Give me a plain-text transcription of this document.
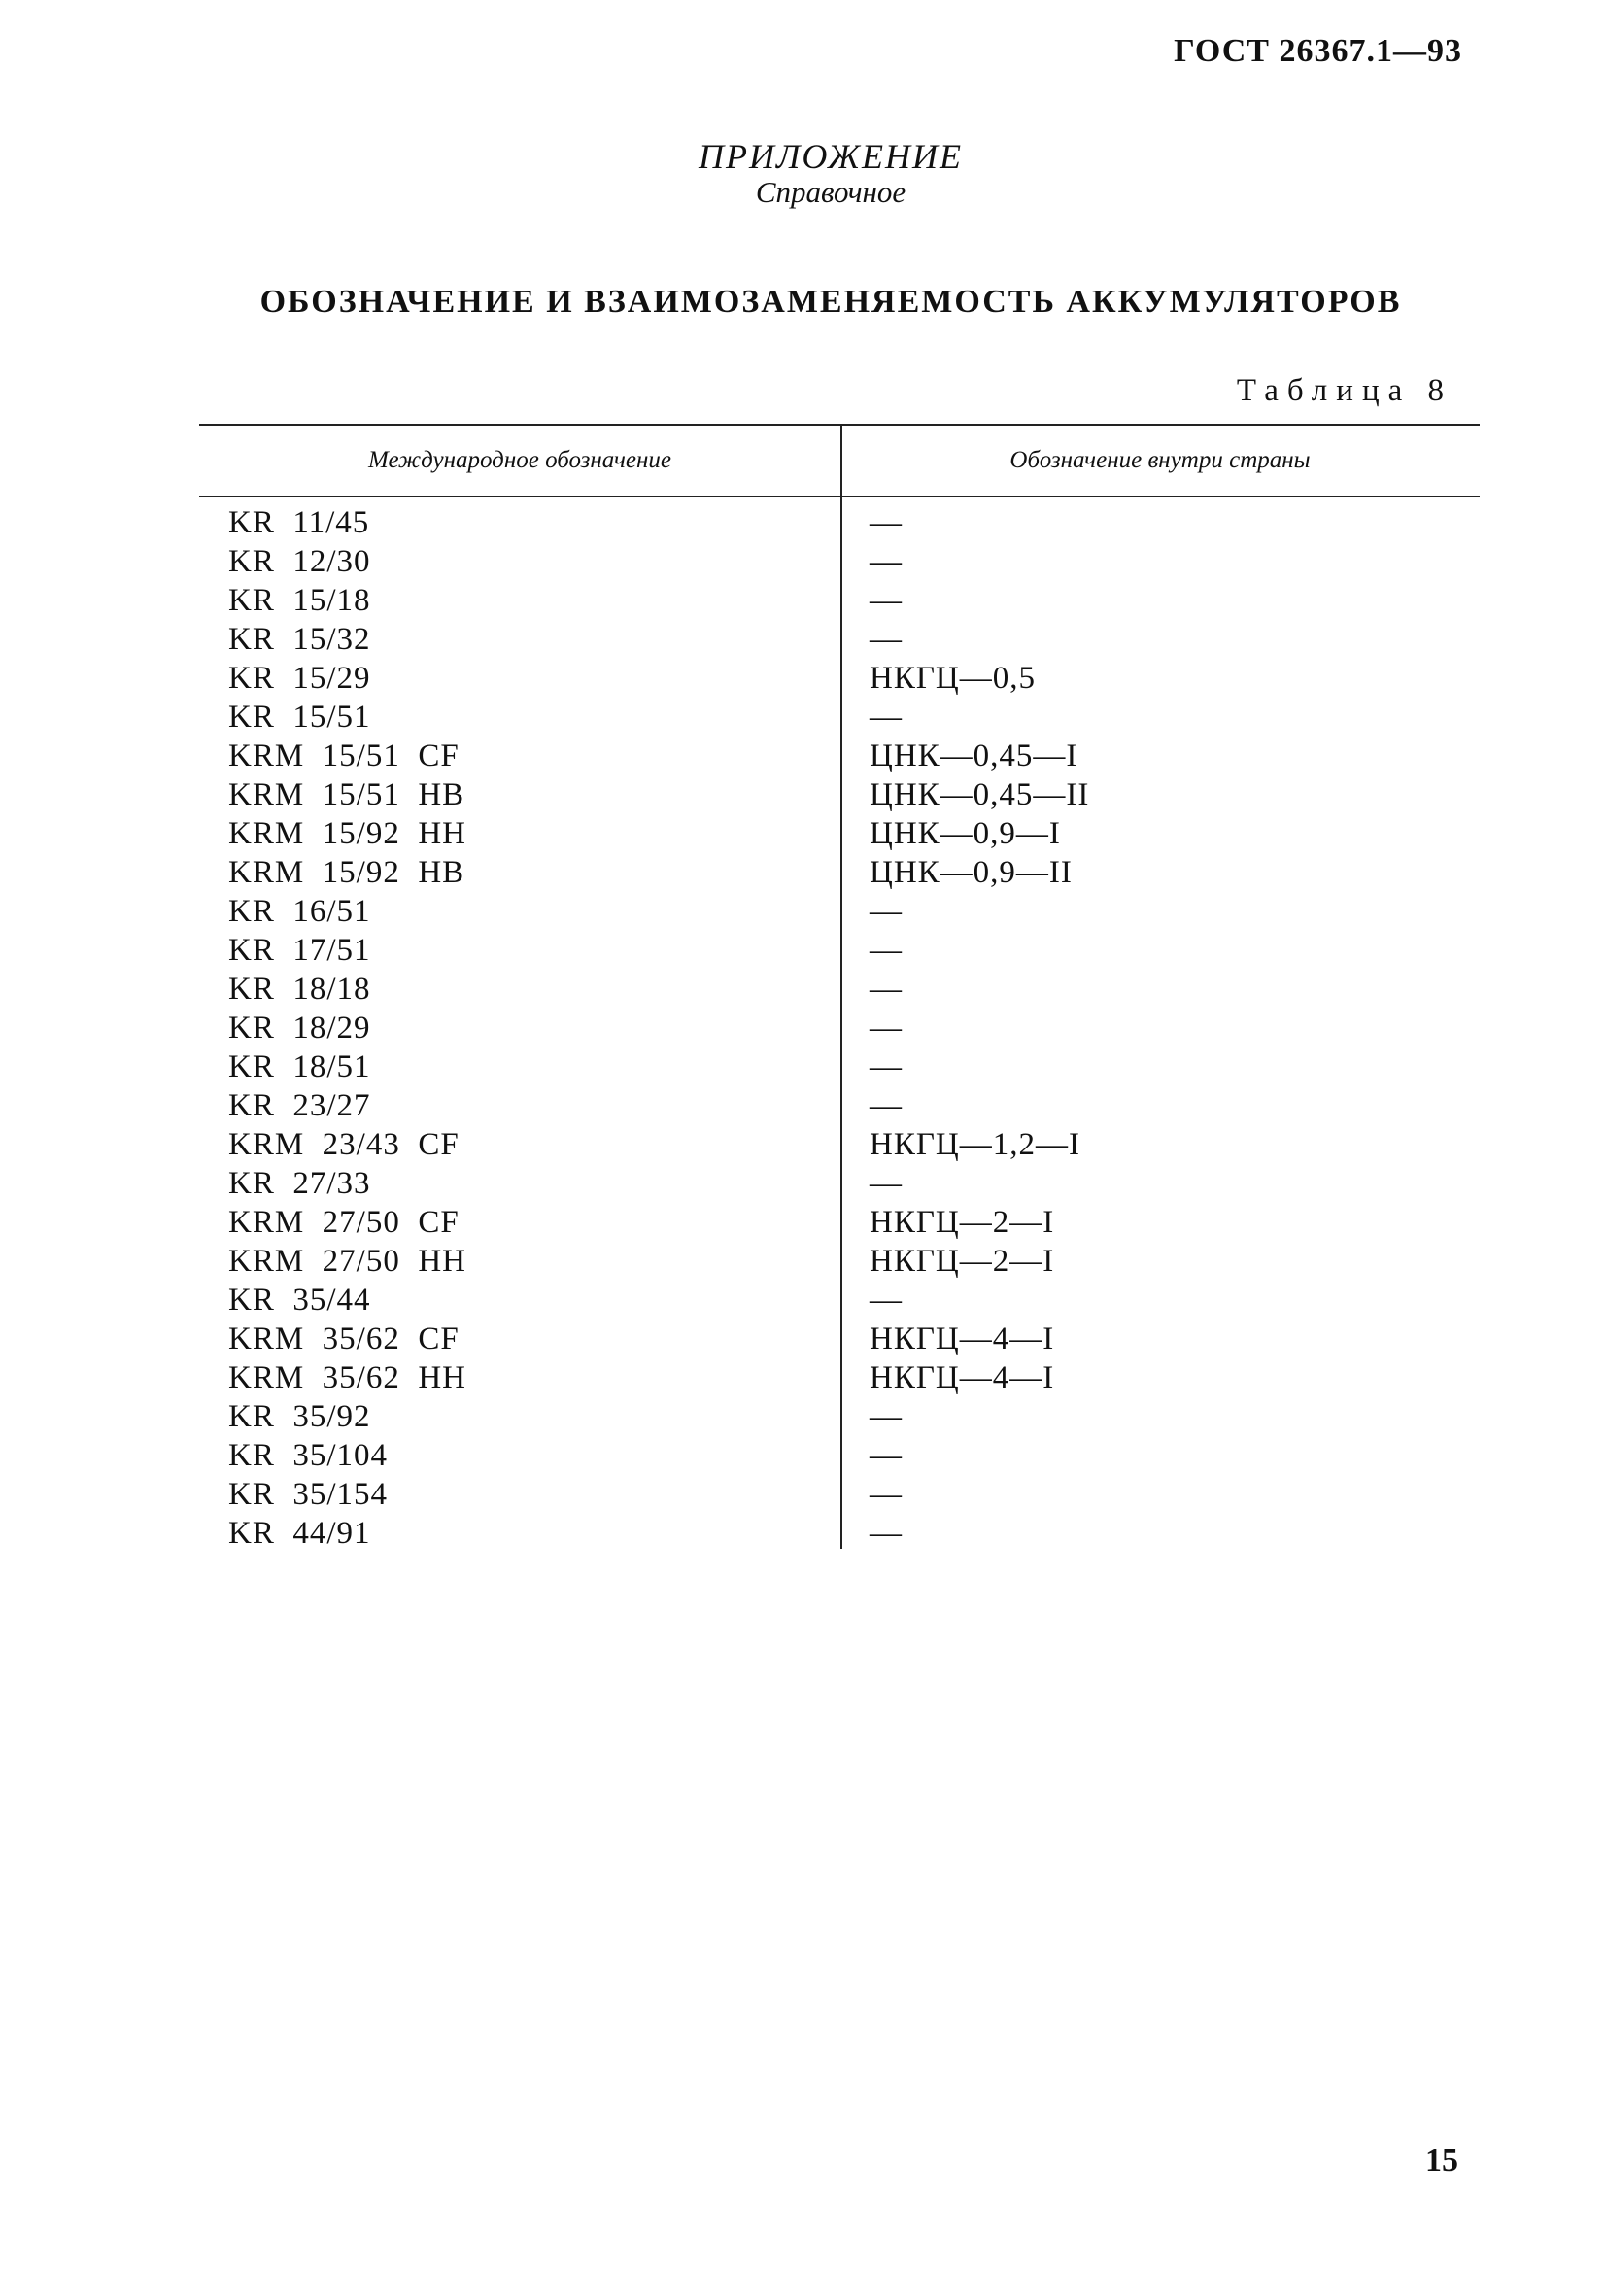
ГОСТ 26367.1—93
ПРИЛОЖЕНИЕ
Справочное
ОБОЗНАЧЕНИЕ И ВЗАИМОЗАМЕНЯЕМОСТЬ АККУМУЛЯТОРОВ
Таблица 8
Международное обозначение	Обозначение внутри страны
KR  11/45	—
KR  12/30	—
KR  15/18	—
KR  15/32	—
KR  15/29	НКГЦ—0,5
KR  15/51	—
KRM  15/51  CF	ЦНК—0,45—I
KRM  15/51  HB	ЦНК—0,45—II
KRM  15/92  HH	ЦНК—0,9—I
KRM  15/92  HB	ЦНК—0,9—II
KR  16/51	—
KR  17/51	—
KR  18/18	—
KR  18/29	—
KR  18/51	—
KR  23/27	—
KRM  23/43  CF	НКГЦ—1,2—I
KR  27/33	—
KRM  27/50  CF	НКГЦ—2—I
KRM  27/50  HH	НКГЦ—2—I
KR  35/44	—
KRM  35/62  CF	НКГЦ—4—I
KRM  35/62  HH	НКГЦ—4—I
KR  35/92	—
KR  35/104	—
KR  35/154	—
KR  44/91	—
15
